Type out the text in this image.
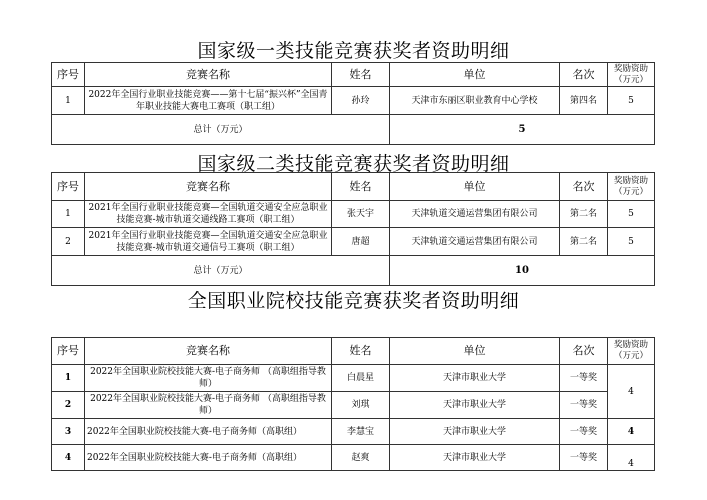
国家级一类技能竞赛获奖者资助明细
序号	竞赛名称	姓名	单位	名次	奖励资助（万元）
1	2022年全国行业职业技能竞赛——第十七届“振兴杯”全国青年职业技能大赛电工赛项（职工组）	孙玲	天津市东丽区职业教育中心学校	第四名	5
总计（万元）			5		
国家级二类技能竞赛获奖者资助明细
序号	竞赛名称	姓名	单位	名次	奖励资助（万元）
1	2021年全国行业职业技能竞赛—全国轨道交通安全应急职业技能竞赛-城市轨道交通线路工赛项（职工组）	张天宇	天津轨道交通运营集团有限公司	第二名	5
2	2021年全国行业职业技能竞赛—全国轨道交通安全应急职业技能竞赛-城市轨道交通信号工赛项（职工组）	唐超	天津轨道交通运营集团有限公司	第二名	5
总计（万元）			10		
全国职业院校技能竞赛获奖者资助明细
序号	竞赛名称	姓名	单位	名次	奖励资助（万元）
1	2022年全国职业院校技能大赛-电子商务师 （高职组指导教师）	白晨星	天津市职业大学	一等奖	4
2	2022年全国职业院校技能大赛-电子商务师 （高职组指导教师）	刘琪	天津市职业大学	一等奖	
3	2022年全国职业院校技能大赛-电子商务师（高职组）	李慧宝	天津市职业大学	一等奖	4
4	2022年全国职业院校技能大赛-电子商务师（高职组）	赵爽	天津市职业大学	一等奖	4
